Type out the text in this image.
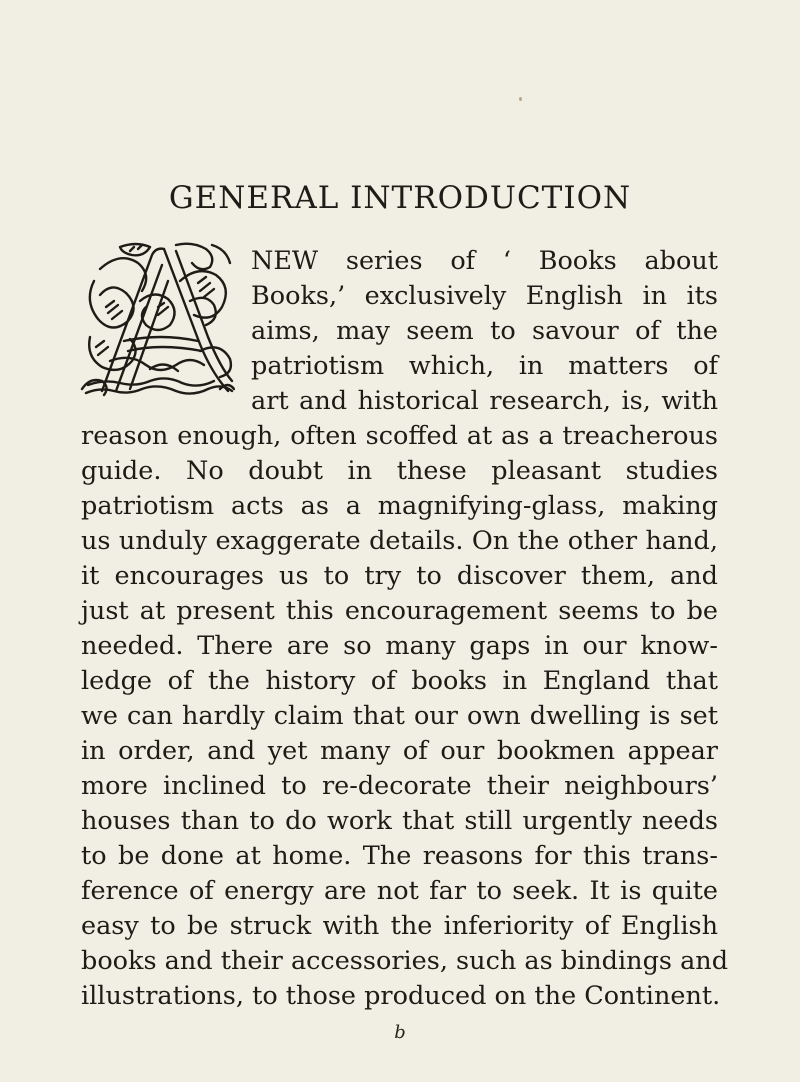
GENERAL INTRODUCTION

NEW series of ‘ Books about

Books,’ exclusively English in its

aims, may seem to savour of the

patriotism which, in matters of

art and historical research, is, with

reason enough, often scoffed at as a treacherous

guide. No doubt in these pleasant studies

patriotism acts as a magnifying-glass, making

us unduly exaggerate details. On the other hand,

it encourages us to try to discover them, and

just at present this encouragement seems to be

needed. There are so many gaps in our know-

ledge of the history of books in England that

we can hardly claim that our own dwelling is set

in order, and yet many of our bookmen appear

more inclined to re-decorate their neighbours’

houses than to do work that still urgently needs

to be done at home. The reasons for this trans-

ference of energy are not far to seek. It is quite

easy to be struck with the inferiority of English

books and their accessories, such as bindings and

illustrations, to those produced on the Continent.

b
